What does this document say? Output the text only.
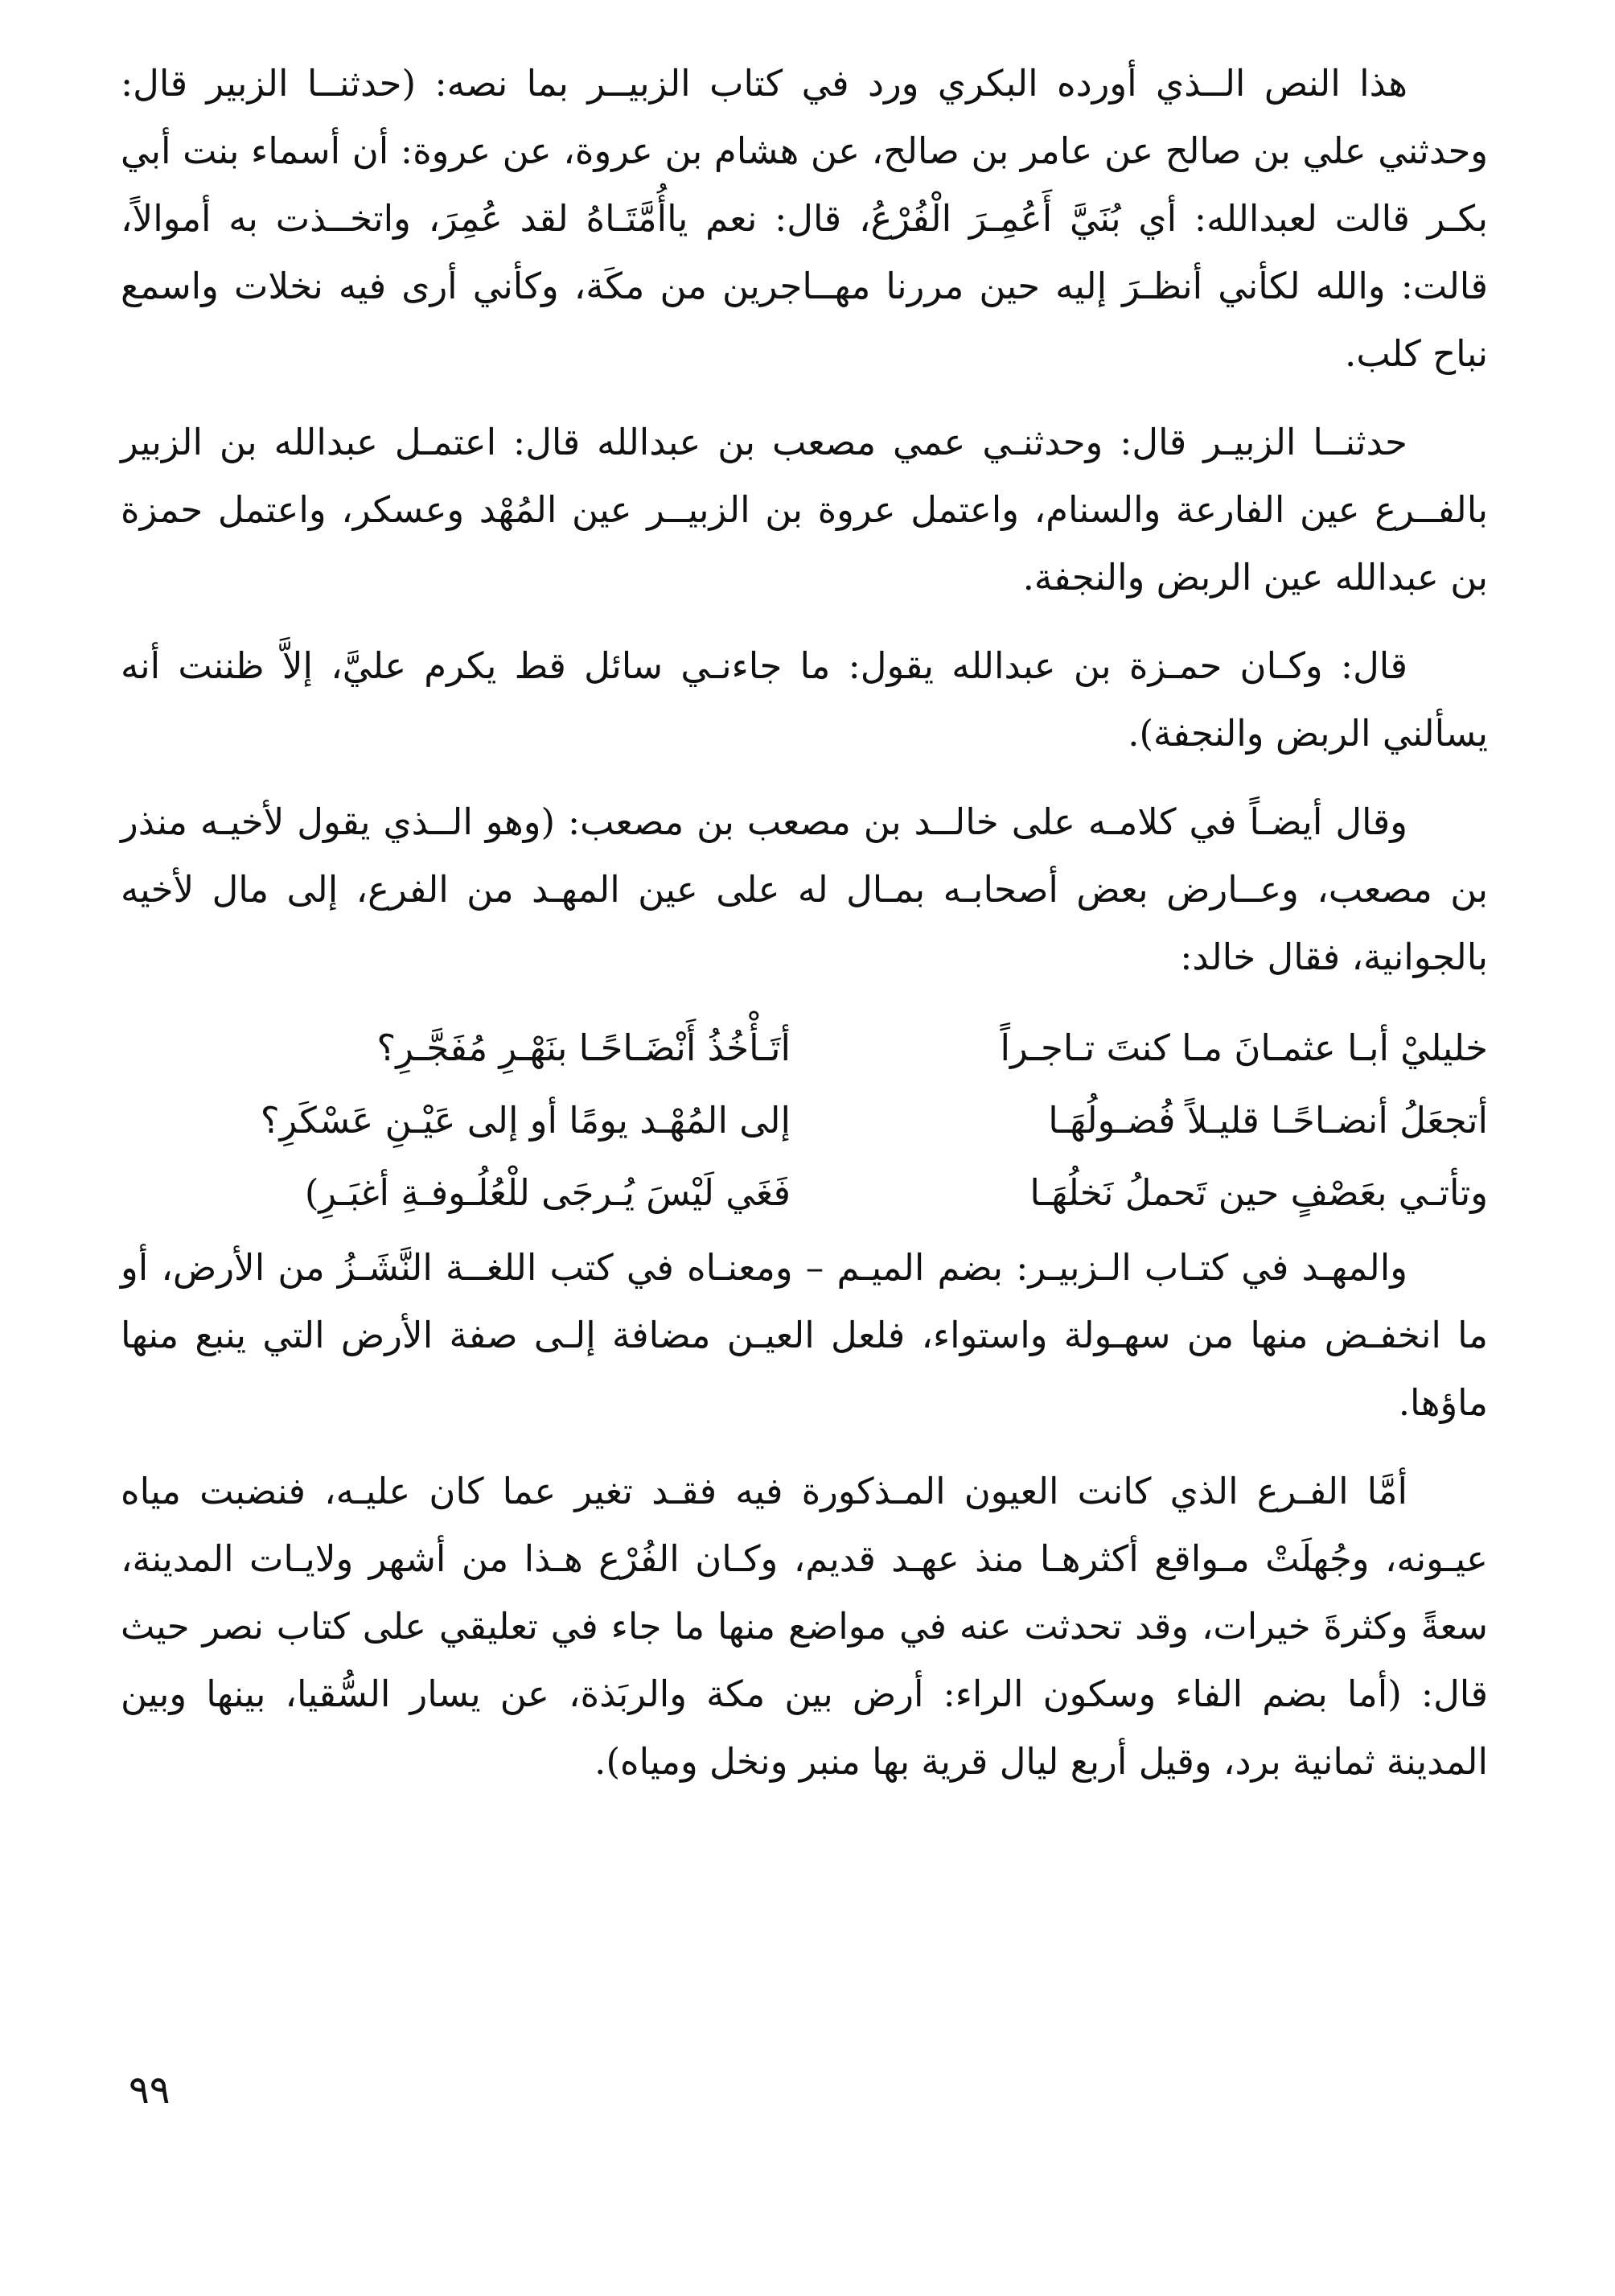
هذا النص الــذي أورده البكري ورد في كتاب الزبيــر بما نصه: (حدثنــا الزبير قال: وحدثني علي بن صالح عن عامر بن صالح، عن هشام بن عروة، عن عروة: أن أسماء بنت أبي بكـر قالت لعبدالله: أي بُنَيَّ أَعُمِـرَ الْفُرْعُ، قال: نعم ياأُمَّتَـاهُ لقد عُمِرَ، واتخــذت به أموالاً، قالت: والله لكأني أنظـرَ إليه حين مررنا مهــاجرين من مكَة، وكأني أرى فيه نخلات واسمع نباح كلب.

حدثنــا الزبيـر قال: وحدثنـي عمي مصعب بن عبدالله قال: اعتمـل عبدالله بن الزبير بالفــرع عين الفارعة والسنام، واعتمل عروة بن الزبيــر عين المُهْد وعسكر، واعتمل حمزة بن عبدالله عين الربض والنجفة.

قال: وكـان حمـزة بن عبدالله يقول: ما جاءنـي سائل قط يكرم عليَّ، إلاَّ ظننت أنه يسألني الربض والنجفة).

وقال أيضـاً في كلامـه على خالــد بن مصعب بن مصعب: (وهو الــذي يقول لأخيـه منذر بن مصعب، وعــارض بعض أصحابـه بمـال له على عين المهـد من الفرع، إلى مال لأخيه بالجوانية، فقال خالد:

خليليْ أبـا عثمـانَ مـا كنتَ تـاجـراً
أتَـأْخُذُ أَنْضَـاحًـا بنَهْـرِ مُفَجَّـرِ؟
أتجعَلُ أنضـاحًـا قليـلاً فُضـولُهَـا
إلى المُهْـد يومًا أو إلى عَيْـنِ عَسْكَرِ؟
وتأتـي بعَصْفٍ حين تَحملُ نَخلُهَـا
فَغَي لَيْسَ يُـرجَى للْعُلُـوفـةِ أغبَـرِ)

والمهـد في كتـاب الـزبيـر: بضم الميـم – ومعنـاه في كتب اللغــة النَّشَـزُ من الأرض، أو ما انخفـض منها من سهـولة واستواء، فلعل العيـن مضافة إلـى صفة الأرض التي ينبع منها ماؤها.

أمَّا الفـرع الذي كانت العيون المـذكورة فيه فقـد تغير عما كان عليـه، فنضبت مياه عيـونه، وجُهلَتْ مـواقع أكثرهـا منذ عهـد قديم، وكـان الفُرْع هـذا من أشهر ولايـات المدينة، سعةً وكثرةَ خيرات، وقد تحدثت عنه في مواضع منها ما جاء في تعليقي على كتاب نصر حيث قال: (أما بضم الفاء وسكون الراء: أرض بين مكة والربَذة، عن يسار السُّقيا، بينها وبين المدينة ثمانية برد، وقيل أربع ليال قرية بها منبر ونخل ومياه).

٩٩
